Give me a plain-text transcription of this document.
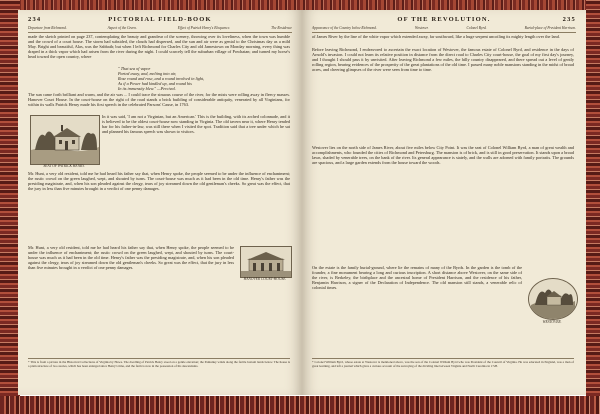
234	PICTORIAL FIELD-BOOK
Departure from Richmond.	Aspect of the Green.	Effect of Patrick Henry's Eloquence.	The Residence
made the sketch printed on page 237, contemplating the beauty and grandeur of the scenery, throwing over its loveliness, when the town was humble and the crowd of a court house. The storm had subsided, the clouds had dispersed, and the sun and air were as genial to the Christmas day as a mild May. Bright and beautiful, Alas, was the Sabbath; but when I left Richmond for Charles City and old Jamestown on Monday morning, every thing was draped in a thick vapor which had arisen from the river during the night. I could scarcely tell the suburban village of Powhatan; and turned my horse's head toward the open country, where
" That sea of vapor
Parted away, and, melting into air,
Rose round and rose, and a round involved in light,
As if a Power had kindled up, and round his
In its immensity blew." —Percival.
The sun came forth brilliant and warm, and the air was ... I could trace the sinuous course of the river, for the mists were rolling away in fleecy masses. Hanover Court House. In the court-house on the right of the road stands a brick building of considerable antiquity, venerated by all Virginians, for within its walls Patrick Henry made his first speech in the celebrated Parsons' Cause, in 1763.
SEAT OF PATRICK HENRY.
In it was said, 'I am not a Virginian, but an American.' This is the building, with its arched colonnade, and it is believed to be the oldest court-house now standing in Virginia. The old tavern near it, where Henry tended bar for his father-in-law, was still there when I visited the spot. Tradition said that a tree under which he sat and planned his famous speech was shown to visitors.
Mr. Hunt, a very old resident, told me he had heard his father say that, when Henry spoke, the people seemed to be under the influence of enchantment; the rustic crowd on the green laughed, wept, and shouted by turns. The court-house was much as it had been in the old time. Henry's father was the presiding magistrate, and, when his son pleaded against the clergy, tears of joy streamed down the old gentleman's cheeks. So great was the effect, that the jury in less than five minutes brought in a verdict of one penny damages.
HANOVER COURT-HOUSE.
Mr. Hunt, a very old resident, told me he had heard his father say that, when Henry spoke, the people seemed to be under the influence of enchantment; the rustic crowd on the green laughed, wept, and shouted by turns. The court-house was much as it had been in the old time. Henry's father was the presiding magistrate, and, when his son pleaded against the clergy, tears of joy streamed down the old gentleman's cheeks. So great was the effect, that the jury in less than five minutes brought in a verdict of one penny damages.
* This is from a picture in the Historical Collections of Virginia by Howe. The dwelling of Patrick Henry stood on a gentle elevation; the Pamunky winds along the fertile bottom lands below. The house is a plain structure of two stories, which has been enlarged since Henry's time, and the farm is now in the possession of his descendants.
OF THE REVOLUTION.	235
Appearance of the Country below Richmond.	Westover.	Colonel Byrd.	Burial-place of President Harrison.
of James River by the line of the white vapor which extended away, far southward, like a huge serpent uncoiling its mighty length over the land.
Before leaving Richmond, I endeavored to ascertain the exact location of Westover, the famous estate of Colonel Byrd, and residence in the days of Arnold's invasion. I could not learn its relative position in distance from the direct road to Charles City court-house, the goal of my first day's journey, and I thought I should pass it by unvisited. After leaving Richmond a few miles, the hilly country disappeared, and there spread out a level of gently rolling region, bearing evidences of the prosperity of the great plantations of the old time. I passed many noble mansions standing in the midst of broad acres, and cheering glimpses of the river were seen from time to time.
Westover lies on the north side of James River, about five miles below City Point. It was the seat of Colonel William Byrd, a man of great wealth and accomplishments, who founded the cities of Richmond and Petersburg. The mansion is of brick, and is still in good preservation. It stands upon a broad lawn, shaded by venerable trees, on the bank of the river. Its general appearance is stately, and the walls are adorned with family portraits. The grounds are spacious, and a large garden extends from the house toward the woods.
On the estate is the family burial-ground, where lie the remains of many of the Byrds. In the garden is the tomb of the founder, a fine monument bearing a long and curious inscription. A short distance above Westover, on the same side of the river, is Berkeley, the birthplace and the ancestral home of President Harrison, and the residence of his father, Benjamin Harrison, a signer of the Declaration of Independence. The old mansion still stands, a venerable relic of colonial times.
WESTOVER.
* Colonel William Byrd, whose estate at Westover is mentioned above, was the son of the Colonel William Byrd who was President of the Council of Virginia. He was educated in England, was a man of great learning, and left a journal which gives a curious account of the surveying of the dividing line between Virginia and North Carolina in 1728.
